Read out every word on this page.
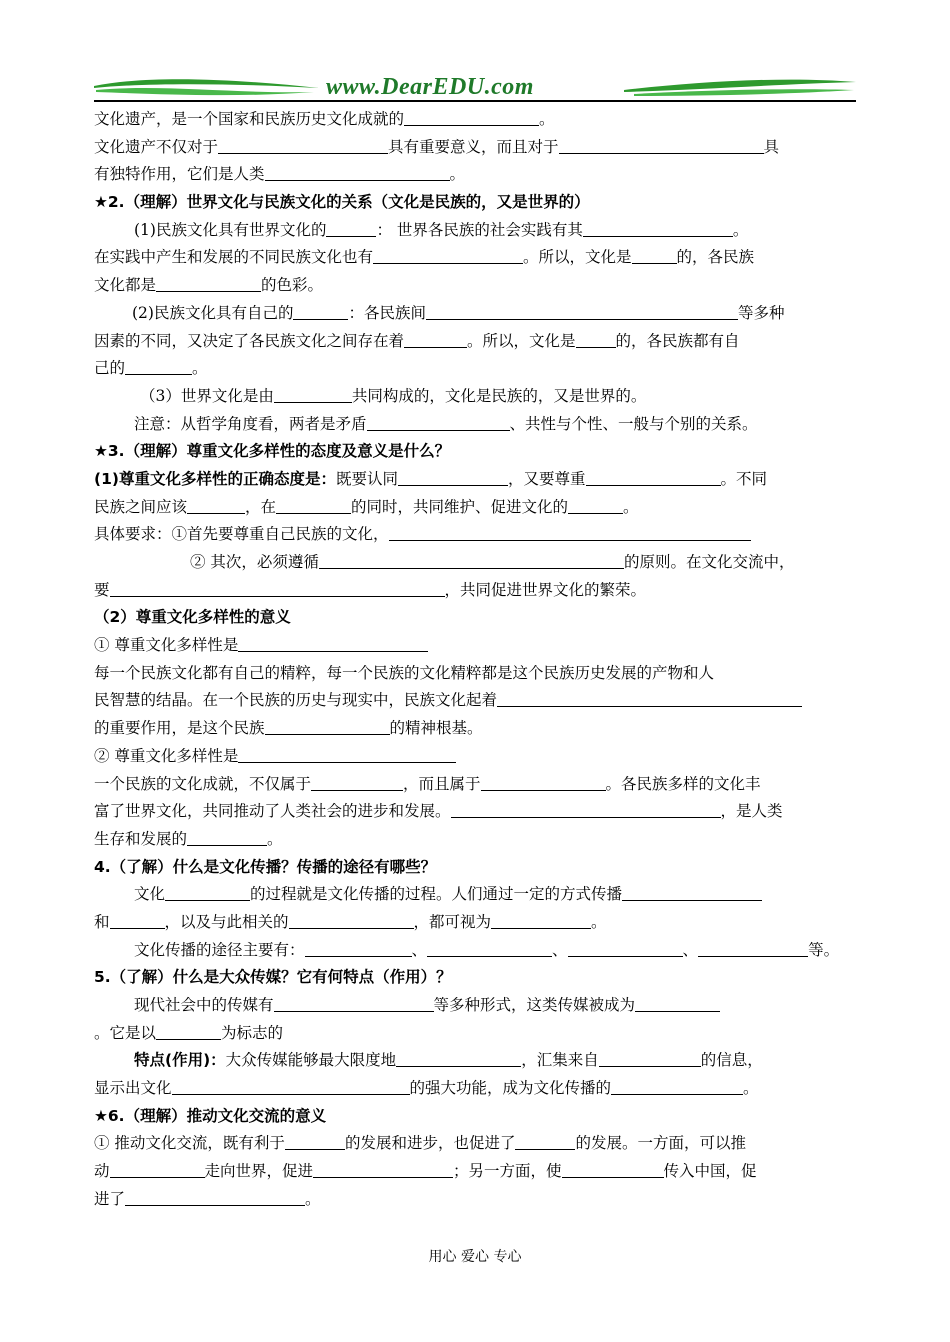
www.DearEDU.com
文化遗产，是一个国家和民族历史文化成就的	。
文化遗产不仅对于	具有重要意义，而且对于	具
有独特作用，它们是人类	。
★2.（理解）世界文化与民族文化的关系（文化是民族的，又是世界的）
(1)民族文化具有世界文化的	： 世界各民族的社会实践有其	。
在实践中产生和发展的不同民族文化也有	。所以，文化是	的，各民族
文化都是	的色彩。
(2)民族文化具有自己的	：各民族间	等多种
因素的不同，又决定了各民族文化之间存在着	。所以，文化是	的，各民族都有自
己的	。
（3）世界文化是由	共同构成的，文化是民族的，又是世界的。
注意：从哲学角度看，两者是矛盾	、共性与个性、一般与个别的关系。
★3.（理解）尊重文化多样性的态度及意义是什么？
(1)尊重文化多样性的正确态度是：既要认同	，又要尊重	。不同
民族之间应该	，在	的同时，共同维护、促进文化的	。
具体要求：①首先要尊重自己民族的文化，
② 其次，必须遵循	的原则。在文化交流中，
要	，共同促进世界文化的繁荣。
（2）尊重文化多样性的意义
① 尊重文化多样性是
每一个民族文化都有自己的精粹，每一个民族的文化精粹都是这个民族历史发展的产物和人
民智慧的结晶。在一个民族的历史与现实中，民族文化起着
的重要作用，是这个民族	的精神根基。
② 尊重文化多样性是
一个民族的文化成就，不仅属于	，而且属于	。各民族多样的文化丰
富了世界文化，共同推动了人类社会的进步和发展。	，是人类
生存和发展的	。
4.（了解）什么是文化传播？传播的途径有哪些？
文化	的过程就是文化传播的过程。人们通过一定的方式传播
和	，以及与此相关的	，都可视为	。
文化传播的途径主要有：	、	、	、	等。
5.（了解）什么是大众传媒？它有何特点（作用）？
现代社会中的传媒有	等多种形式，这类传媒被成为
。它是以	为标志的
特点(作用)：大众传媒能够最大限度地	，汇集来自	的信息，
显示出文化	的强大功能，成为文化传播的	。
★6.（理解）推动文化交流的意义
① 推动文化交流，既有利于	的发展和进步，也促进了	的发展。一方面，可以推
动	走向世界，促进	；另一方面，使	传入中国，促
进了	。
用心 爱心 专心
